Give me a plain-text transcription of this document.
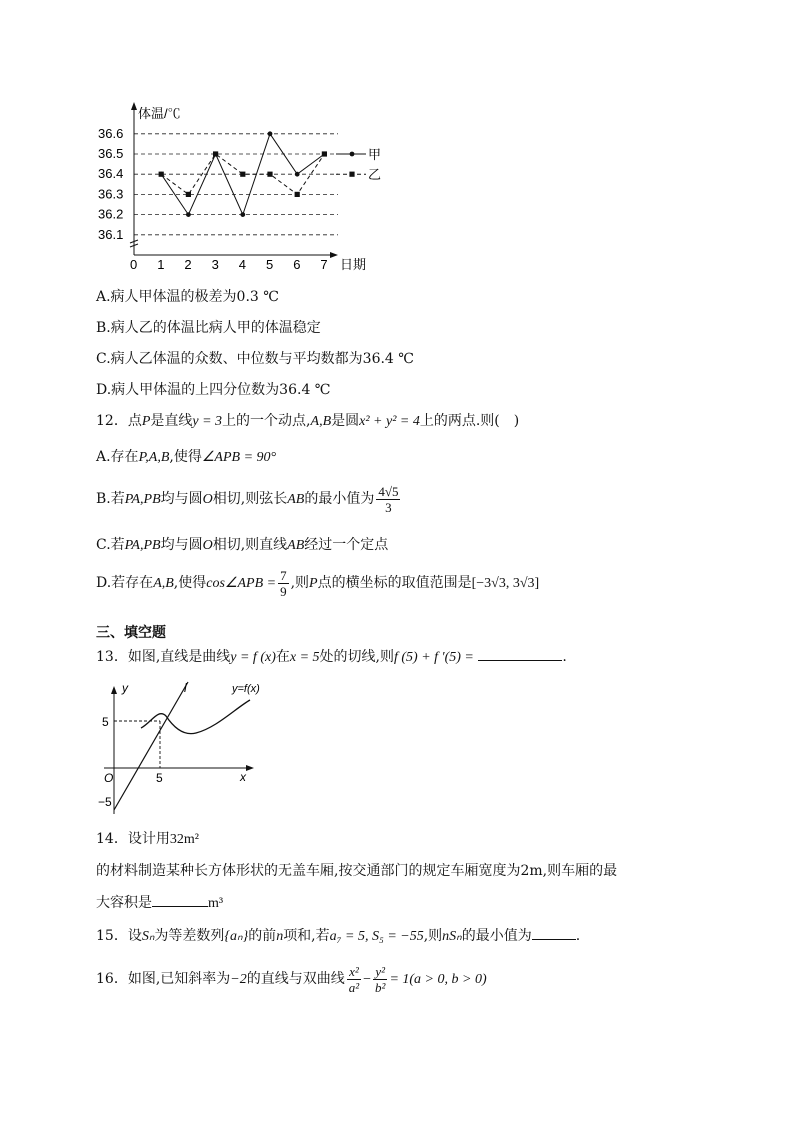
36.1
36.2
36.3
36.4
36.5
36.6
0 1 2 3 4 5 6 7
体温/℃
日期
甲
乙
A.病人甲体温的极差为0.3 ℃
B.病人乙的体温比病人甲的体温稳定
C.病人乙体温的众数、中位数与平均数都为36.4 ℃
D.病人甲体温的上四分位数为36.4 ℃
12．点P是直线y = 3上的一个动点,A,B是圆x² + y² = 4上的两点.则(　)
A.存在P,A,B,使得∠APB = 90°
B.若PA,PB均与圆O相切,则弦长AB的最小值为 $\frac{4√5}{3}$
C.若PA,PB均与圆O相切,则直线AB经过一个定点
D.若存在A,B,使得cos∠APB = $\frac{7}{9}$ ,则P点的横坐标的取值范围是[−3√3, 3√3]
三、填空题
13．如图,直线是曲线y = f (x)在x = 5处的切线,则f (5) + f ′(5) =	.
y
x
l	y=f(x)
O	5
5
−5
14．设计用32m²
的材料制造某种长方体形状的无盖车厢,按交通部门的规定车厢宽度为2m,则车厢的最
大容积是	m³
15．设Sₙ为等差数列{aₙ}的前n项和,若a₇ = 5, S₅ = −55,则nSₙ的最小值为	.
16．如图,已知斜率为−2的直线与双曲线 $\frac{\text{x²}}{\text{a²}} - \frac{\text{y²}}{\text{b²}} = 1(a > 0$, b > 0)
